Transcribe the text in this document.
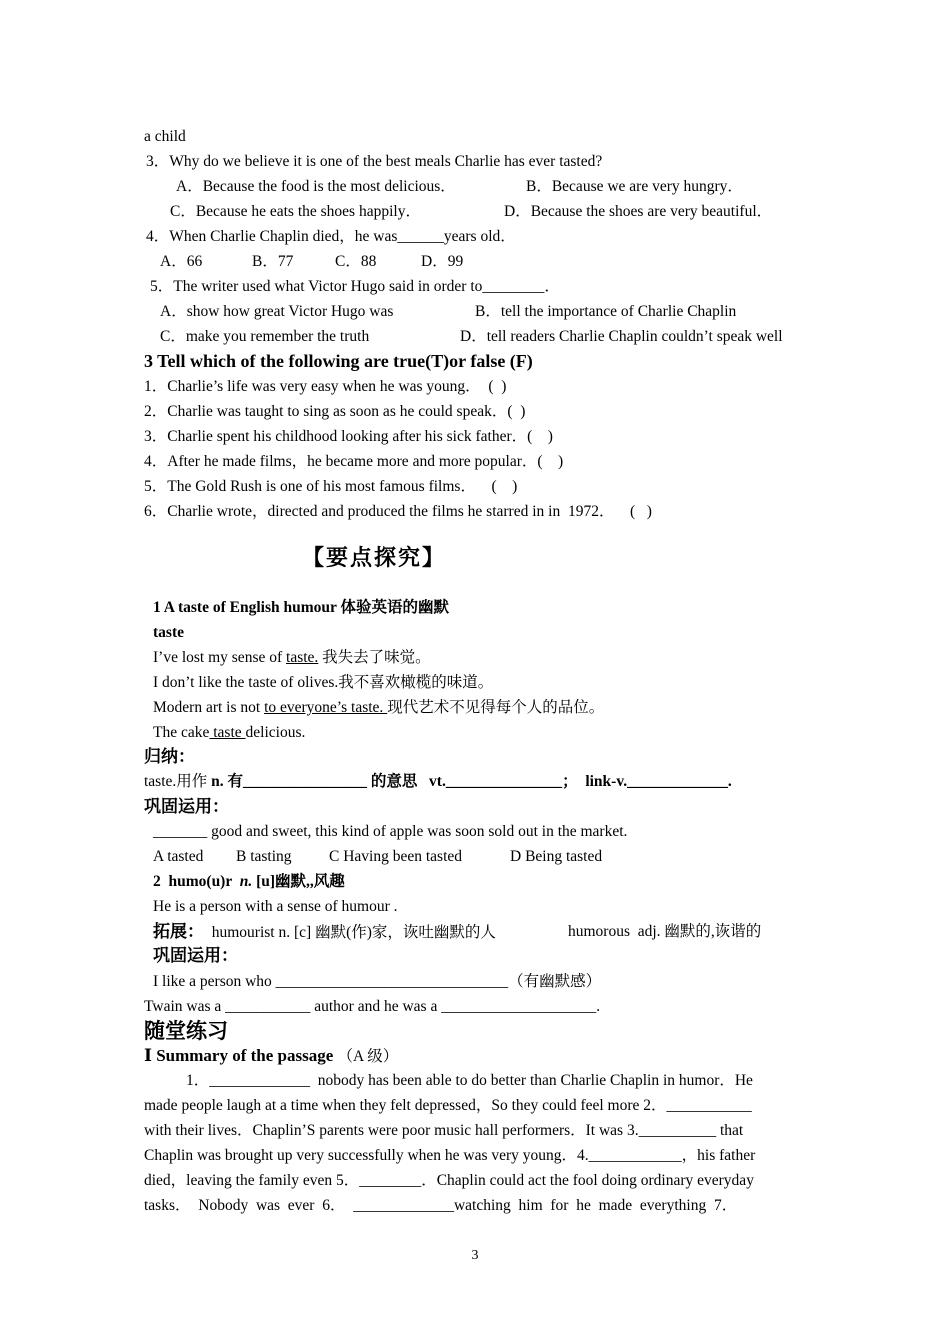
a child
3．Why do we believe it is one of the best meals Charlie has ever tasted?
A．Because the food is the most delicious．	B．Because we are very hungry．
C．Because he eats the shoes happily．	D．Because the shoes are very beautiful．
4．When Charlie Chaplin died，he was______years old．
A．66	B．77	C．88	D．99
5．The writer used what Victor Hugo said in order to________．
A．show how great Victor Hugo was	B．tell the importance of Charlie Chaplin
C．make you remember the truth	D．tell readers Charlie Chaplin couldn’t speak well
3 Tell which of the following are true(T)or false (F)
1．Charlie’s life was very easy when he was young．  (  )
2．Charlie was taught to sing as soon as he could speak．(  )
3．Charlie spent his childhood looking after his sick father．(    )
4．After he made films，he became more and more popular．(    )
5．The Gold Rush is one of his most famous films．    (    )
6．Charlie wrote，directed and produced the films he starred in in  1972．    (   )
【要点探究】
1 A taste of English humour 体验英语的幽默
taste
I’ve lost my sense of taste. 我失去了味觉。
I don’t like the taste of olives.我不喜欢橄榄的味道。
Modern art is not to everyone’s taste. 现代艺术不见得每个人的品位。
The cake taste delicious.
归纳：
taste.用作 n. 有________________ 的意思   vt._______________；  link-v._____________.
巩固运用：
_______ good and sweet, this kind of apple was soon sold out in the market.
A tasted B tasting C Having been tasted	D Being tasted
2  humo(u)r  n. [u]幽默,,风趣
He is a person with a sense of humour .
拓展： humourist n. [c] 幽默(作)家，诙吐幽默的人	humorous  adj. 幽默的,诙谐的
巩固运用：
I like a person who ______________________________（有幽默感）
Twain was a ___________ author and he was a ____________________.
随堂练习
Ⅰ Summary of the passage （A 级）
1．_____________  nobody has been able to do better than Charlie Chaplin in humor．He
made people laugh at a time when they felt depressed，So they could feel more 2．___________
with their lives．Chaplin’S parents were poor music hall performers．It was 3.__________ that
Chaplin was brought up very successfully when he was very young．4.____________，his father
died，leaving the family even 5．________．Chaplin could act the fool doing ordinary everyday
tasks．  Nobody  was  ever  6．  _____________watching  him  for  he  made  everything  7．
3
